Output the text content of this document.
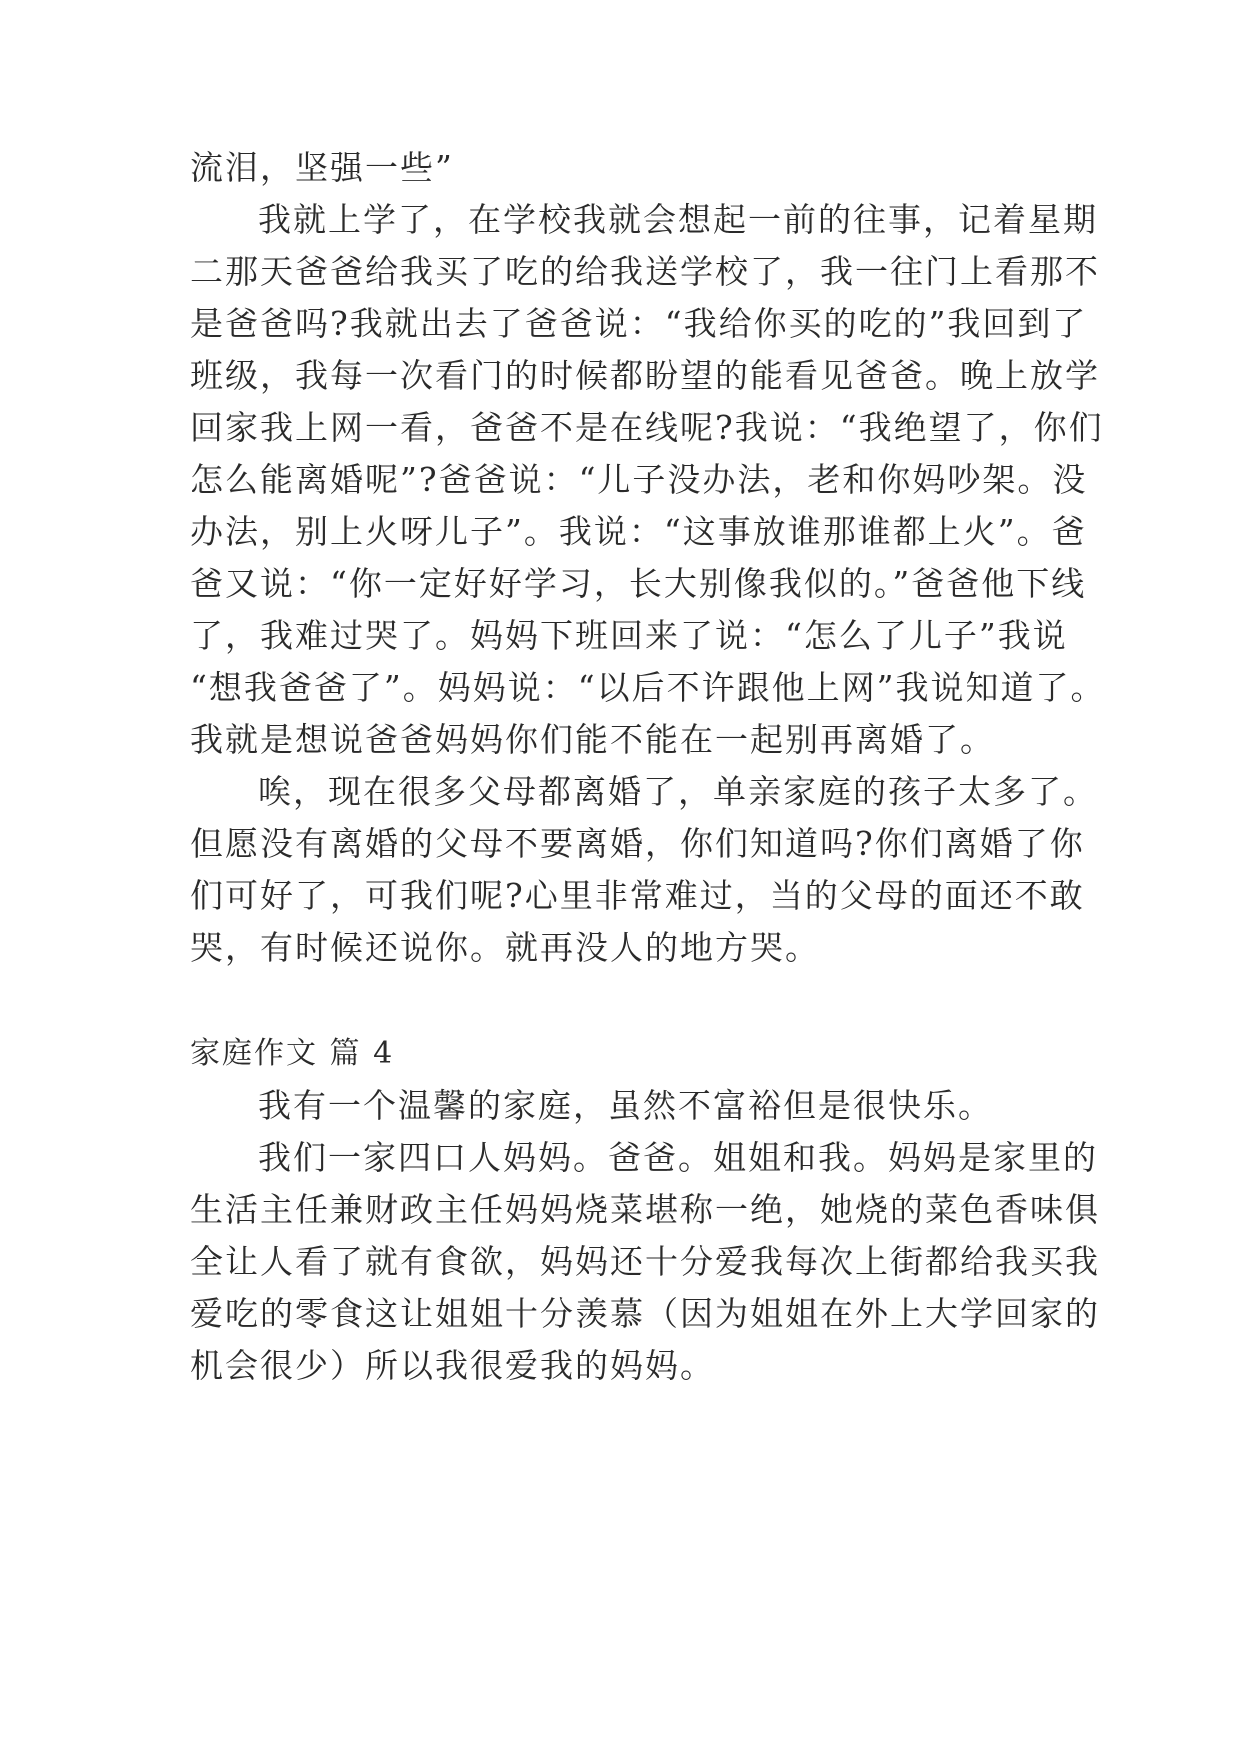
流泪，坚强一些”
我就上学了，在学校我就会想起一前的往事，记着星期
二那天爸爸给我买了吃的给我送学校了，我一往门上看那不
是爸爸吗?我就出去了爸爸说：“我给你买的吃的”我回到了
班级，我每一次看门的时候都盼望的能看见爸爸。晚上放学
回家我上网一看，爸爸不是在线呢?我说：“我绝望了，你们
怎么能离婚呢”?爸爸说：“儿子没办法，老和你妈吵架。没
办法，别上火呀儿子”。我说：“这事放谁那谁都上火”。爸
爸又说：“你一定好好学习，长大别像我似的。”爸爸他下线
了，我难过哭了。妈妈下班回来了说：“怎么了儿子”我说
“想我爸爸了”。妈妈说：“以后不许跟他上网”我说知道了。
我就是想说爸爸妈妈你们能不能在一起别再离婚了。
唉，现在很多父母都离婚了，单亲家庭的孩子太多了。
但愿没有离婚的父母不要离婚，你们知道吗?你们离婚了你
们可好了，可我们呢?心里非常难过，当的父母的面还不敢
哭，有时候还说你。就再没人的地方哭。
家庭作文 篇 4
我有一个温馨的家庭，虽然不富裕但是很快乐。
我们一家四口人妈妈。爸爸。姐姐和我。妈妈是家里的
生活主任兼财政主任妈妈烧菜堪称一绝，她烧的菜色香味俱
全让人看了就有食欲，妈妈还十分爱我每次上街都给我买我
爱吃的零食这让姐姐十分羡慕（因为姐姐在外上大学回家的
机会很少）所以我很爱我的妈妈。
